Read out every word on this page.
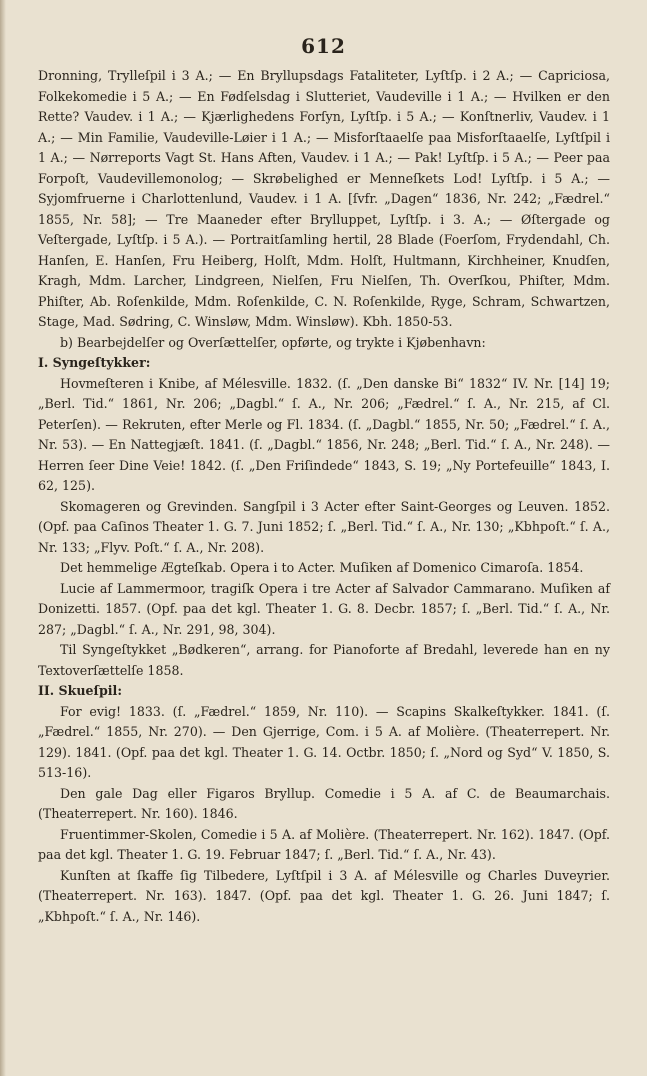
612

Dronning, Trylleſpil i 3 A.; — En Bryllupsdags Fataliteter, Lyſtſp. i 2 A.; — Capriciosa, Folkekomedie i 5 A.; — En Fødſelsdag i Slutteriet, Vaudeville i 1 A.; — Hvilken er den Rette? Vaudev. i 1 A.; — Kjærlighedens Forſyn, Lyſtſp. i 5 A.; — Konſtnerliv, Vaudev. i 1 A.; — Min Familie, Vaudeville-Løier i 1 A.; — Misforſtaaelſe paa Misforſtaaelſe, Lyſtſpil i 1 A.; — Nørreports Vagt St. Hans Aften, Vaudev. i 1 A.; — Pak! Lyſtſp. i 5 A.; — Peer paa Forpoſt, Vaudevillemonolog; — Skrøbelighed er Menneſkets Lod! Lyſtſp. i 5 A.; — Syjomfruerne i Charlottenlund, Vaudev. i 1 A. [ſvfr. „Dagen“ 1836, Nr. 242; „Fædrel.“ 1855, Nr. 58]; — Tre Maaneder efter Brylluppet, Lyſtſp. i 3. A.; — Øſtergade og Veſtergade, Lyſtſp. i 5 A.). — Portraitſamling hertil, 28 Blade (Foerſom, Frydendahl, Ch. Hanſen, E. Hanſen, Fru Heiberg, Holſt, Mdm. Holſt, Hultmann, Kirchheiner, Knudſen, Kragh, Mdm. Larcher, Lindgreen, Nielſen, Fru Nielſen, Th. Overſkou, Phiſter, Mdm. Phiſter, Ab. Roſenkilde, Mdm. Roſenkilde, C. N. Roſenkilde, Ryge, Schram, Schwartzen, Stage, Mad. Sødring, C. Winsløw, Mdm. Winsløw). Kbh. 1850-53.

b) Bearbejdelſer og Overſættelſer, opførte, og trykte i Kjøbenhavn:

I. Syngeſtykker:

Hovmeſteren i Knibe, af Mélesville. 1832. (ſ. „Den danske Bi“ 1832“ IV. Nr. [14] 19; „Berl. Tid.“ 1861, Nr. 206; „Dagbl.“ ſ. A., Nr. 206; „Fædrel.“ ſ. A., Nr. 215, af Cl. Peterſen). — Rekruten, efter Merle og Fl. 1834. (ſ. „Dagbl.“ 1855, Nr. 50; „Fædrel.“ ſ. A., Nr. 53). — En Nattegjæſt. 1841. (ſ. „Dagbl.“ 1856, Nr. 248; „Berl. Tid.“ ſ. A., Nr. 248). — Herren ſeer Dine Veie! 1842. (ſ. „Den Friſindede“ 1843, S. 19; „Ny Portefeuille“ 1843, I. 62, 125).

Skomageren og Grevinden. Sangſpil i 3 Acter efter Saint-Georges og Leuven. 1852. (Opf. paa Caſinos Theater 1. G. 7. Juni 1852; ſ. „Berl. Tid.“ ſ. A., Nr. 130; „Kbhpoſt.“ ſ. A., Nr. 133; „Flyv. Poſt.“ ſ. A., Nr. 208).

Det hemmelige Ægteſkab. Opera i to Acter. Muſiken af Domenico Cimaroſa. 1854.

Lucie af Lammermoor, tragiſk Opera i tre Acter af Salvador Cammarano. Muſiken af Donizetti. 1857. (Opf. paa det kgl. Theater 1. G. 8. Decbr. 1857; ſ. „Berl. Tid.“ ſ. A., Nr. 287; „Dagbl.“ ſ. A., Nr. 291, 98, 304).

Til Syngeſtykket „Bødkeren“, arrang. for Pianoforte af Bredahl, leverede han en ny Textoverſættelſe 1858.

II. Skueſpil:

For evig! 1833. (ſ. „Fædrel.“ 1859, Nr. 110). — Scapins Skalkeſtykker. 1841. (ſ. „Fædrel.“ 1855, Nr. 270). — Den Gjerrige, Com. i 5 A. af Molière. (Theaterrepert. Nr. 129). 1841. (Opf. paa det kgl. Theater 1. G. 14. Octbr. 1850; ſ. „Nord og Syd“ V. 1850, S. 513-16).

Den gale Dag eller Figaros Bryllup. Comedie i 5 A. af C. de Beaumarchais. (Theaterrepert. Nr. 160). 1846.

Fruentimmer-Skolen, Comedie i 5 A. af Molière. (Theaterrepert. Nr. 162). 1847. (Opf. paa det kgl. Theater 1. G. 19. Februar 1847; ſ. „Berl. Tid.“ ſ. A., Nr. 43).

Kunſten at ſkaffe ſig Tilbedere, Lyſtſpil i 3 A. af Mélesville og Charles Duveyrier. (Theaterrepert. Nr. 163). 1847. (Opf. paa det kgl. Theater 1. G. 26. Juni 1847; ſ. „Kbhpoſt.“ ſ. A., Nr. 146).
